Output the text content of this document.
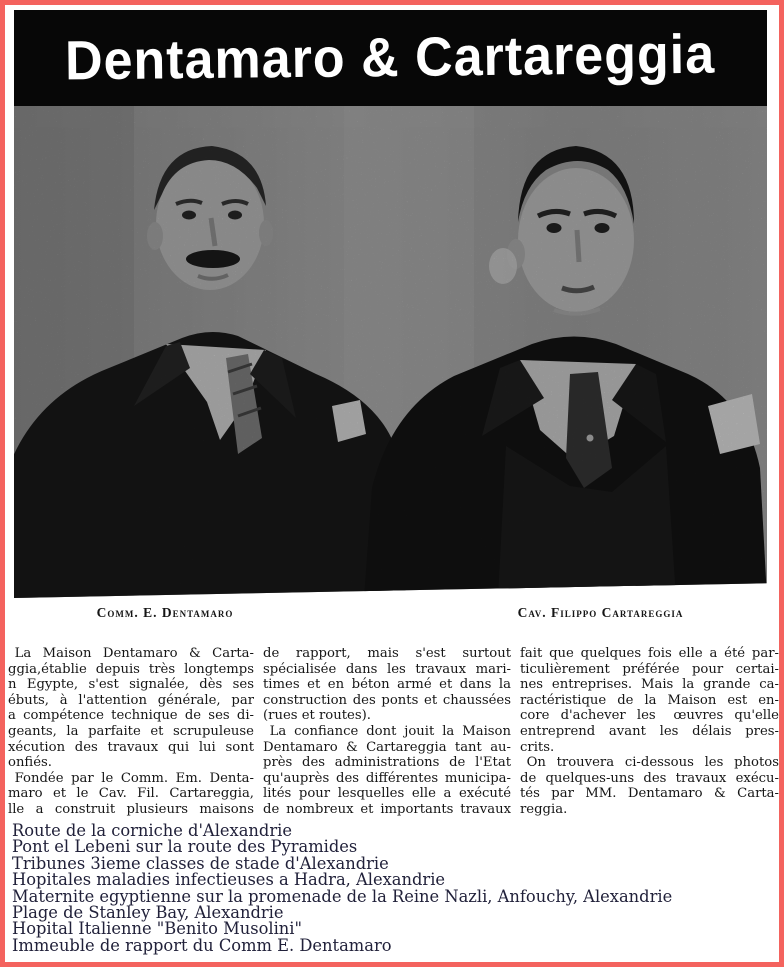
Dentamaro & Cartareggia
Comm. E. Dentamaro	Cav. Filippo Cartareggia
 La Maison Dentamaro & Carta-
ggia,établie depuis très longtemps
n Egypte, s'est signalée, dès ses
ébuts, à l'attention générale, par
a compétence technique de ses di-
geants, la parfaite et scrupuleuse
xécution des travaux qui lui sont
onfiés.
 Fondée par le Comm. Em. Denta-
maro et le Cav. Fil. Cartareggia,
lle a construit plusieurs maisons
de  rapport,  mais  s'est  surtout
spécialisée dans les travaux mari-
times et en béton armé et dans la
construction des ponts et chaussées
(rues et routes).
 La confiance dont jouit la Maison
Dentamaro & Cartareggia tant au-
près des administrations de l'Etat
qu'auprès des différentes municipa-
lités pour lesquelles elle a exécuté
de nombreux et importants travaux
fait que quelques fois elle a été par-
ticulièrement préférée pour certai-
nes entreprises. Mais la grande ca-
ractéristique de la Maison est en-
core d'achever les  œuvres qu'elle
entreprend avant les délais pres-
crits.
 On trouvera ci-dessous les photos
de quelques-uns des travaux exécu-
tés par MM. Dentamaro & Carta-
reggia.
Route de la corniche d'Alexandrie
Pont el Lebeni sur la route des Pyramides
Tribunes 3ieme classes de stade d'Alexandrie
Hopitales maladies infectieuses a Hadra, Alexandrie
Maternite egyptienne sur la promenade de la Reine Nazli, Anfouchy, Alexandrie
Plage de Stanley Bay, Alexandrie
Hopital Italienne "Benito Musolini"
Immeuble de rapport du Comm E. Dentamaro
